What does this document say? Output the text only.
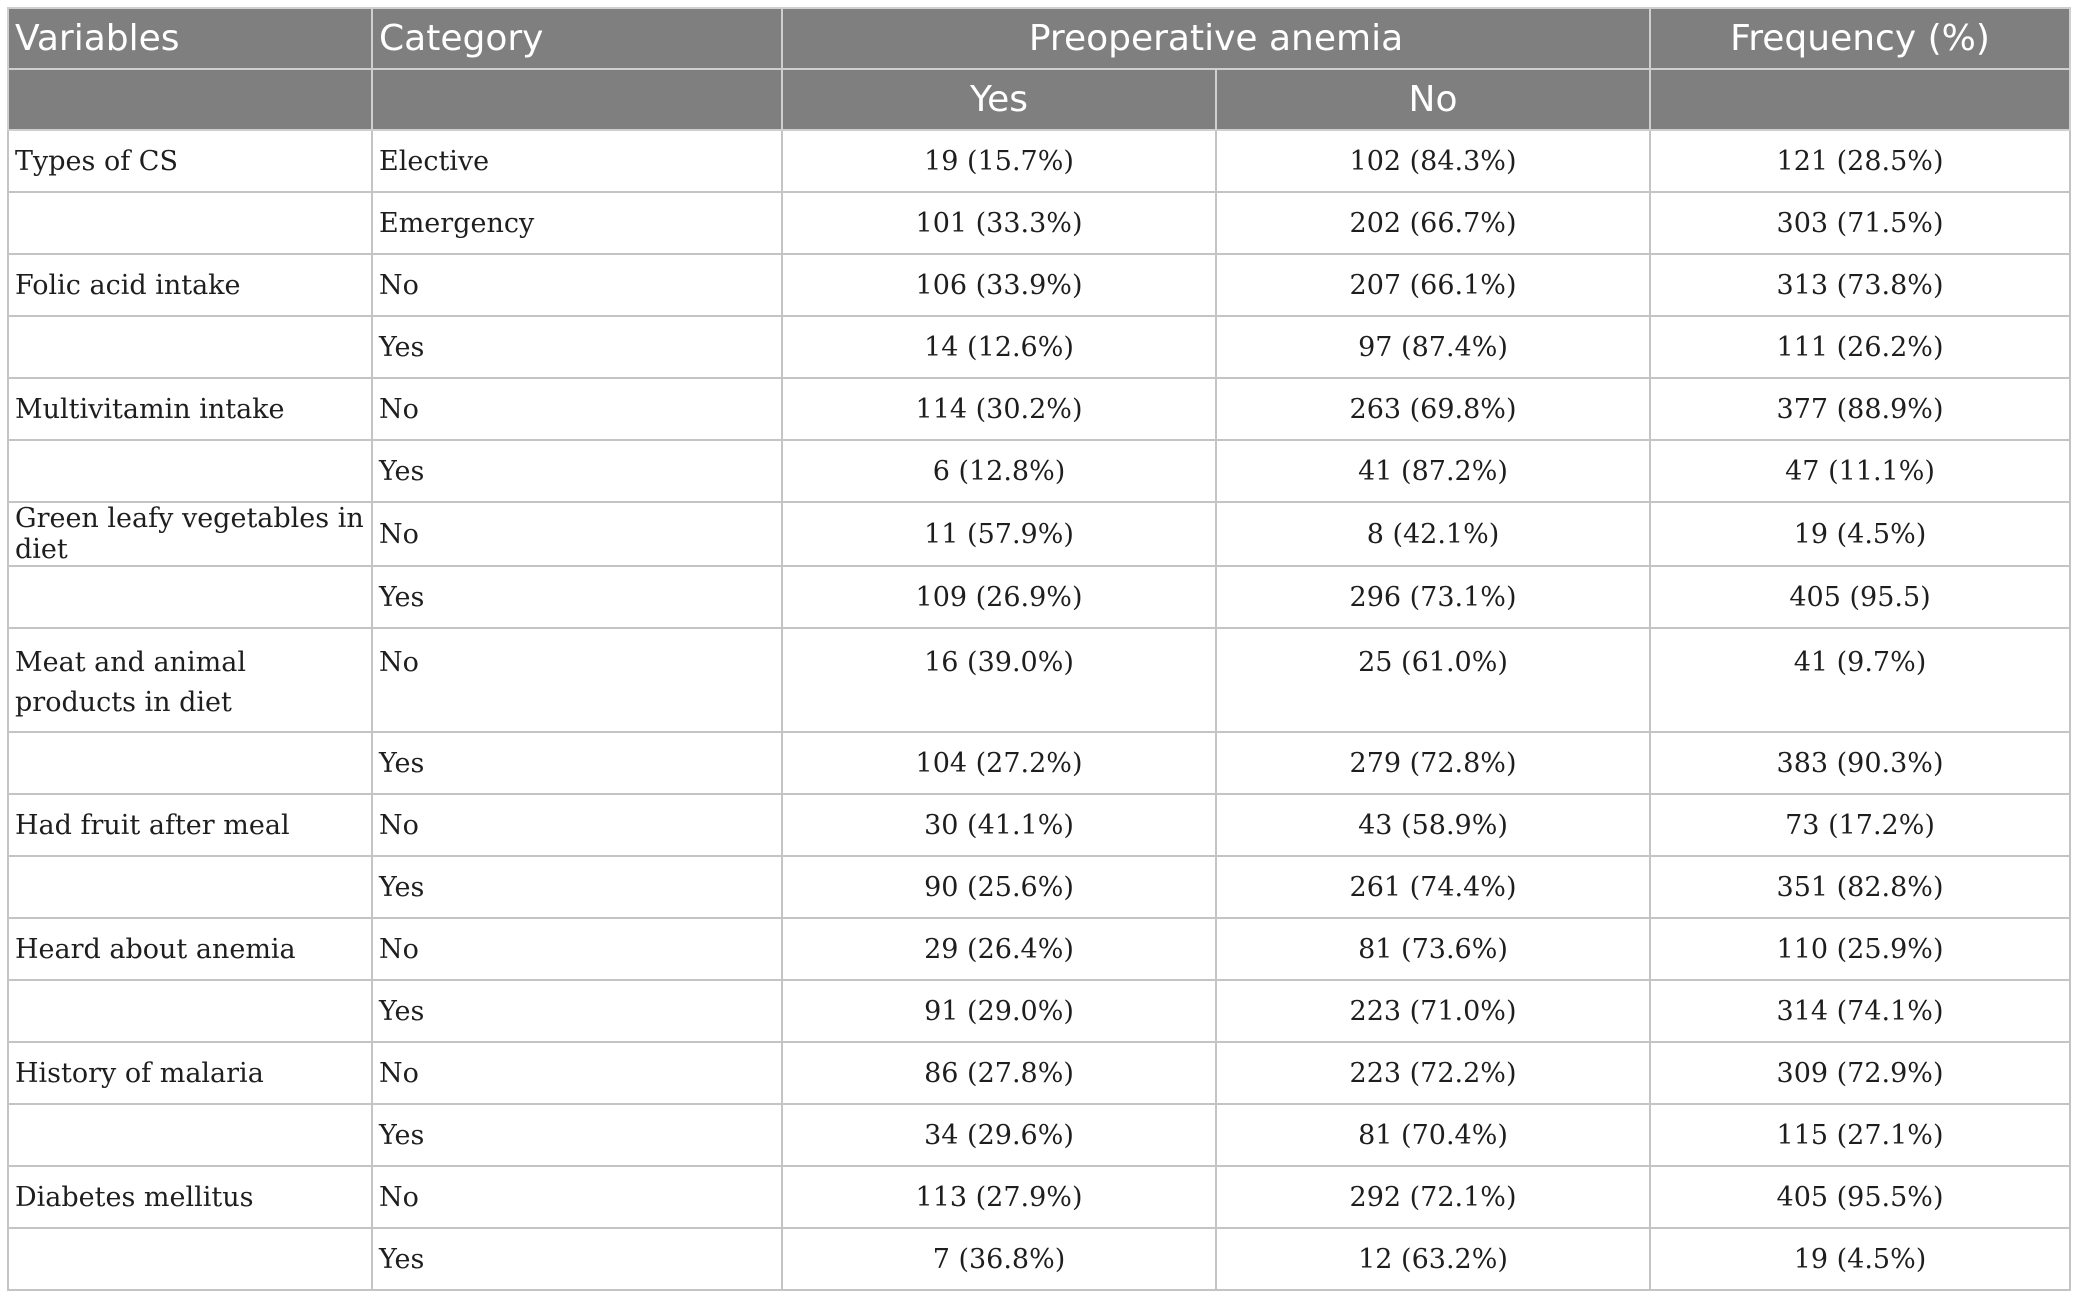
Variables	Category	Preoperative anemia		Frequency (%)
		Yes	No	
Types of CS	Elective	19 (15.7%)	102 (84.3%)	121 (28.5%)
	Emergency	101 (33.3%)	202 (66.7%)	303 (71.5%)
Folic acid intake	No	106 (33.9%)	207 (66.1%)	313 (73.8%)
	Yes	14 (12.6%)	97 (87.4%)	111 (26.2%)
Multivitamin intake	No	114 (30.2%)	263 (69.8%)	377 (88.9%)
	Yes	6 (12.8%)	41 (87.2%)	47 (11.1%)
Green leafy vegetables in diet	No	11 (57.9%)	8 (42.1%)	19 (4.5%)
	Yes	109 (26.9%)	296 (73.1%)	405 (95.5)
Meat and animal products in diet	No	16 (39.0%)	25 (61.0%)	41 (9.7%)
	Yes	104 (27.2%)	279 (72.8%)	383 (90.3%)
Had fruit after meal	No	30 (41.1%)	43 (58.9%)	73 (17.2%)
	Yes	90 (25.6%)	261 (74.4%)	351 (82.8%)
Heard about anemia	No	29 (26.4%)	81 (73.6%)	110 (25.9%)
	Yes	91 (29.0%)	223 (71.0%)	314 (74.1%)
History of malaria	No	86 (27.8%)	223 (72.2%)	309 (72.9%)
	Yes	34 (29.6%)	81 (70.4%)	115 (27.1%)
Diabetes mellitus	No	113 (27.9%)	292 (72.1%)	405 (95.5%)
	Yes	7 (36.8%)	12 (63.2%)	19 (4.5%)
